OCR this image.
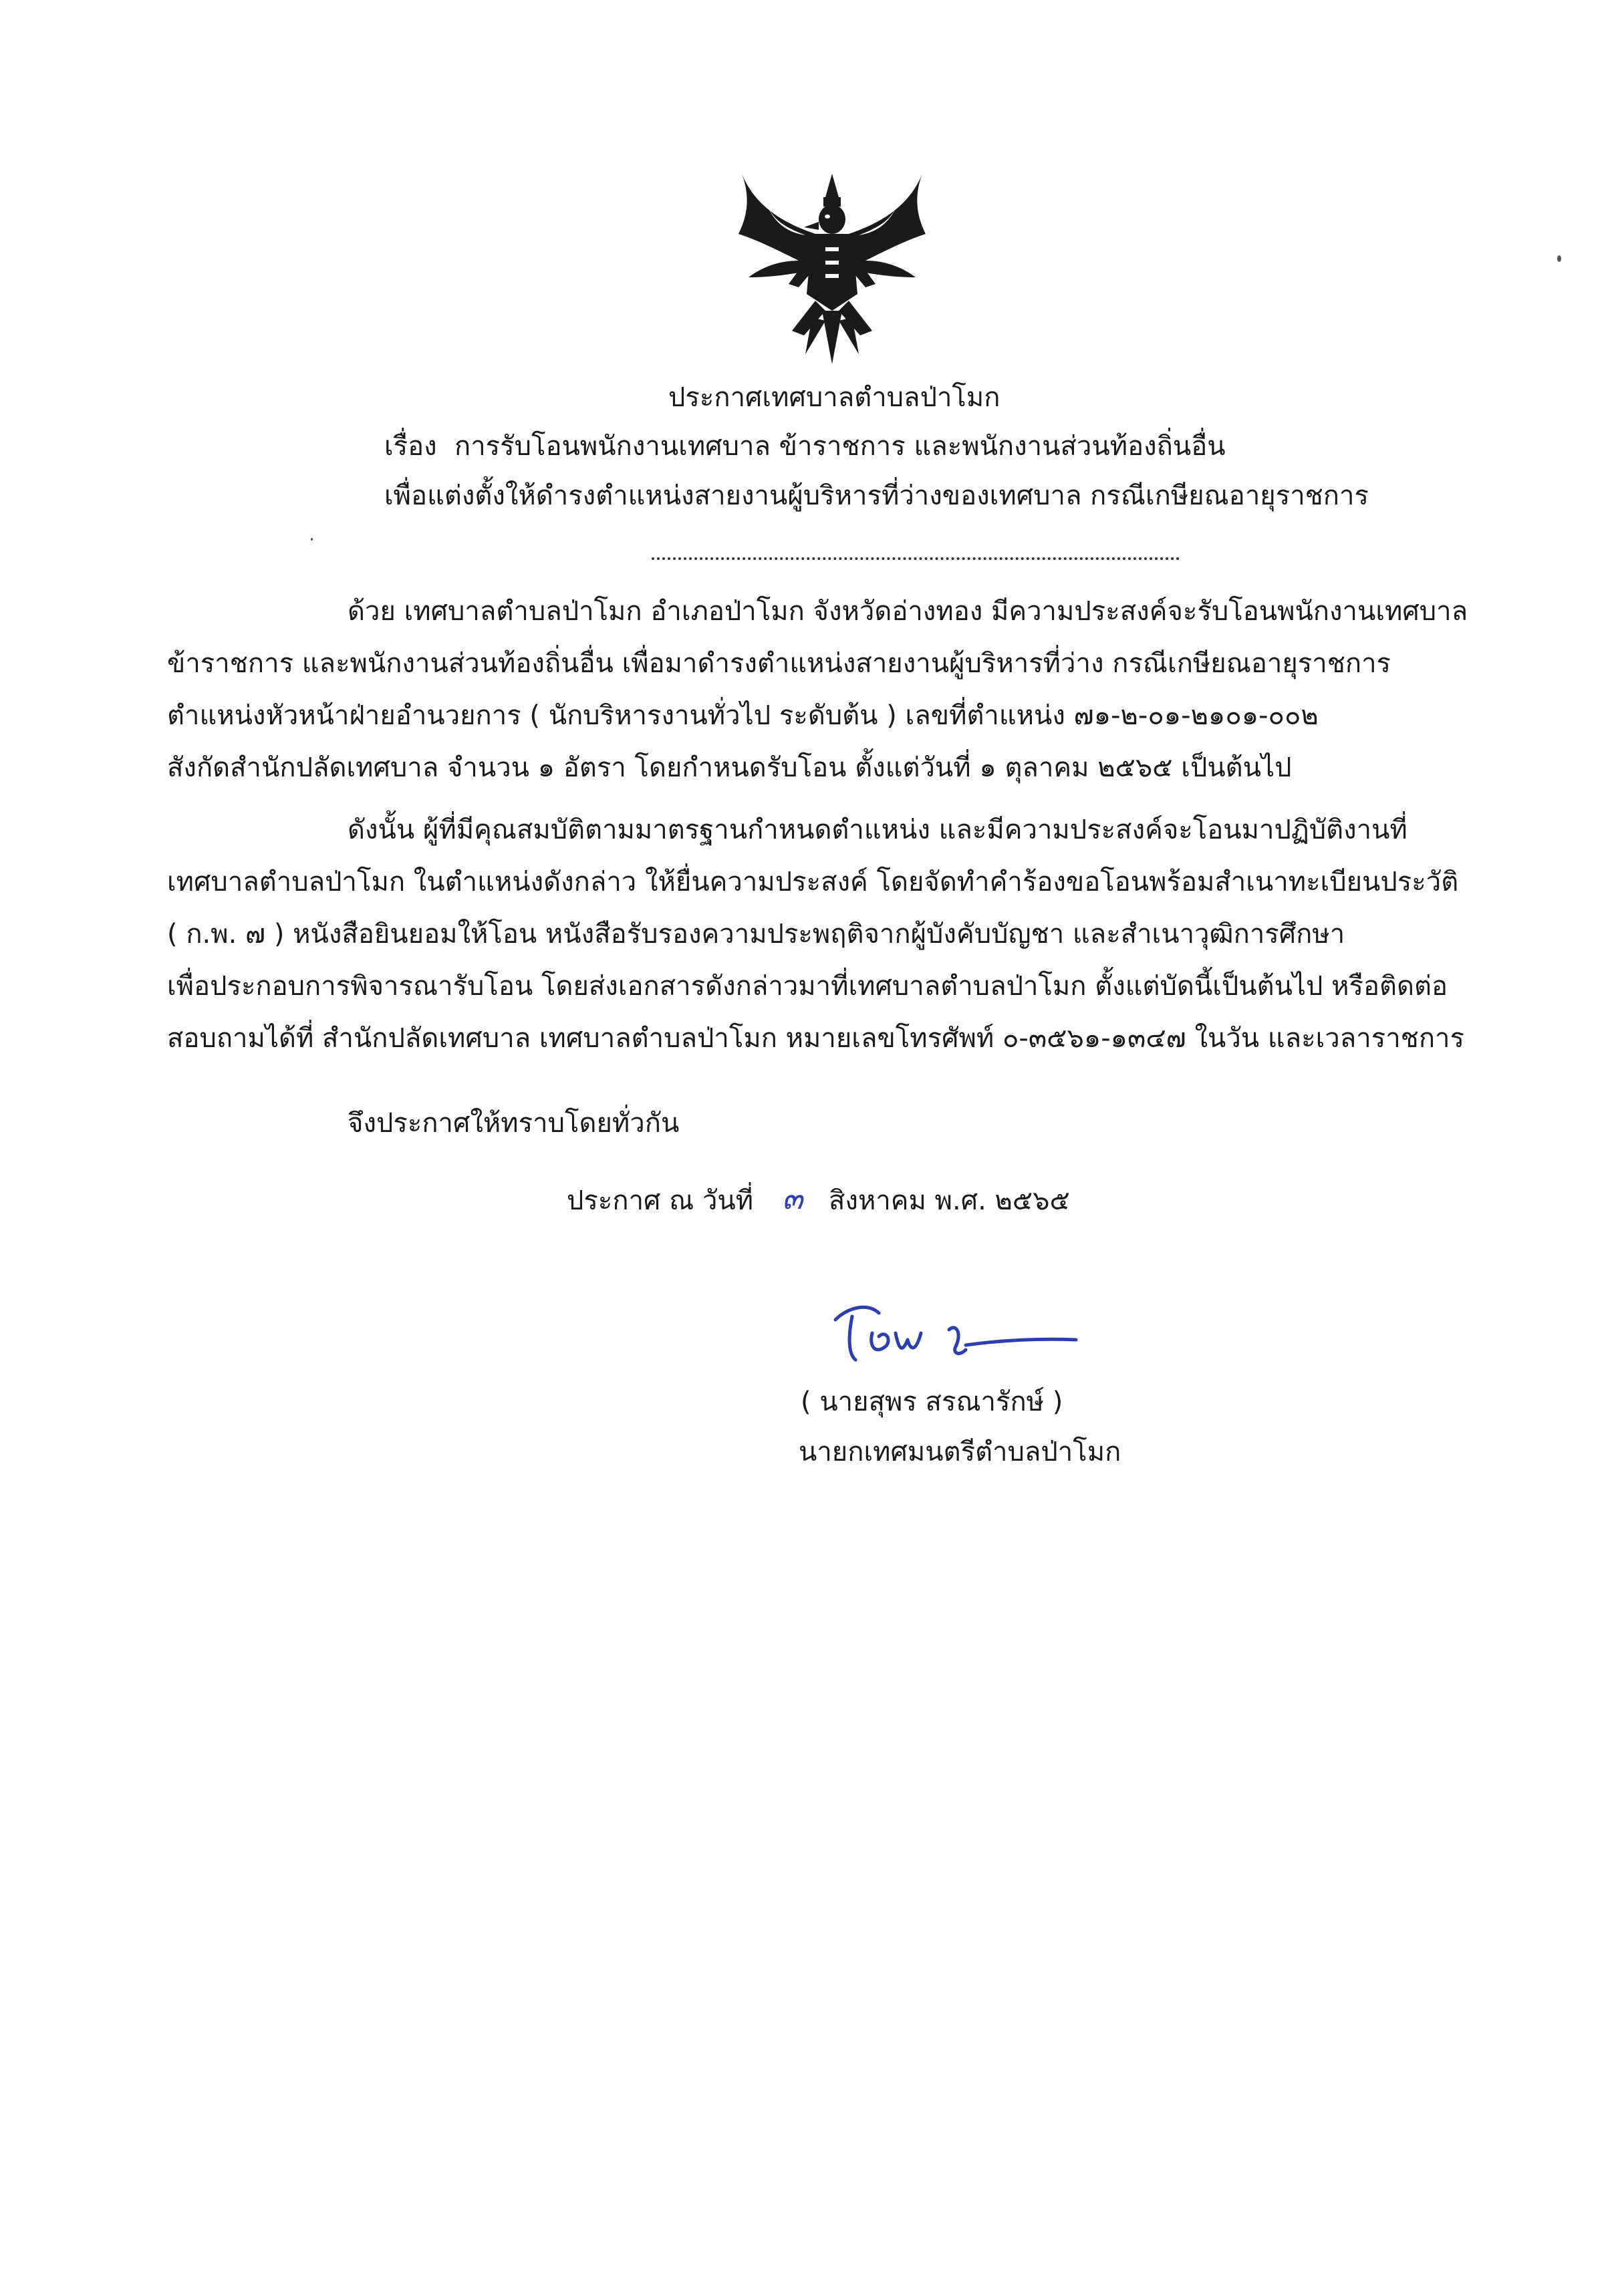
ประกาศเทศบาลตำบลป่าโมก
เรื่อง การรับโอนพนักงานเทศบาล ข้าราชการ และพนักงานส่วนท้องถิ่นอื่น
เพื่อแต่งตั้งให้ดำรงตำแหน่งสายงานผู้บริหารที่ว่างของเทศบาล กรณีเกษียณอายุราชการ
ด้วย เทศบาลตำบลป่าโมก อำเภอป่าโมก จังหวัดอ่างทอง มีความประสงค์จะรับโอนพนักงานเทศบาล
ข้าราชการ และพนักงานส่วนท้องถิ่นอื่น เพื่อมาดำรงตำแหน่งสายงานผู้บริหารที่ว่าง กรณีเกษียณอายุราชการ
ตำแหน่งหัวหน้าฝ่ายอำนวยการ ( นักบริหารงานทั่วไป ระดับต้น ) เลขที่ตำแหน่ง ๗๑-๒-๐๑-๒๑๐๑-๐๐๒
สังกัดสำนักปลัดเทศบาล จำนวน ๑ อัตรา โดยกำหนดรับโอน ตั้งแต่วันที่ ๑ ตุลาคม ๒๕๖๕ เป็นต้นไป
ดังนั้น ผู้ที่มีคุณสมบัติตามมาตรฐานกำหนดตำแหน่ง และมีความประสงค์จะโอนมาปฏิบัติงานที่
เทศบาลตำบลป่าโมก ในตำแหน่งดังกล่าว ให้ยื่นความประสงค์ โดยจัดทำคำร้องขอโอนพร้อมสำเนาทะเบียนประวัติ
( ก.พ. ๗ ) หนังสือยินยอมให้โอน หนังสือรับรองความประพฤติจากผู้บังคับบัญชา และสำเนาวุฒิการศึกษา
เพื่อประกอบการพิจารณารับโอน โดยส่งเอกสารดังกล่าวมาที่เทศบาลตำบลป่าโมก ตั้งแต่บัดนี้เป็นต้นไป หรือติดต่อ
สอบถามได้ที่ สำนักปลัดเทศบาล เทศบาลตำบลป่าโมก หมายเลขโทรศัพท์ ๐-๓๕๖๑-๑๓๔๗ ในวัน และเวลาราชการ
จึงประกาศให้ทราบโดยทั่วกัน
ประกาศ ณ วันที่ ๓ สิงหาคม พ.ศ. ๒๕๖๕
( นายสุพร สรณารักษ์ )
นายกเทศมนตรีตำบลป่าโมก
